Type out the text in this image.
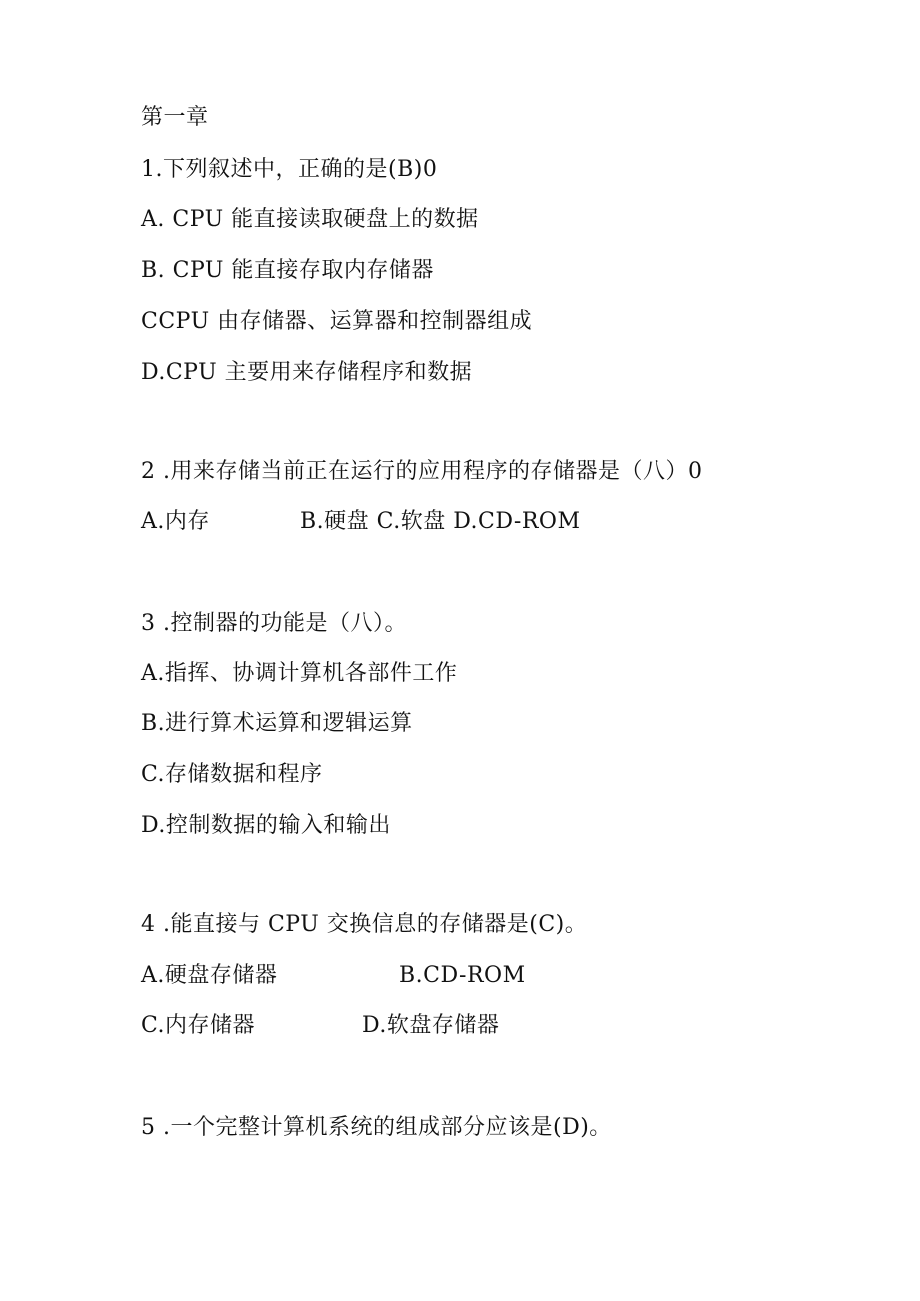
第一章
1.下列叙述中，正确的是(B)0
A. CPU 能直接读取硬盘上的数据
B. CPU 能直接存取内存储器
CCPU 由存储器、运算器和控制器组成
D.CPU 主要用来存储程序和数据
2 .用来存储当前正在运行的应用程序的存储器是（八）0

A.内存

	B.硬盘 C.软盘 D.CD-ROM

3 .控制器的功能是（八）。
A.指挥、协调计算机各部件工作
B.进行算术运算和逻辑运算
C.存储数据和程序
D.控制数据的输入和输出
4 .能直接与 CPU 交换信息的存储器是(C)。

A.硬盘存储器

	B.CD-ROM

C.内存储器

	D.软盘存储器

5 .一个完整计算机系统的组成部分应该是(D)。
